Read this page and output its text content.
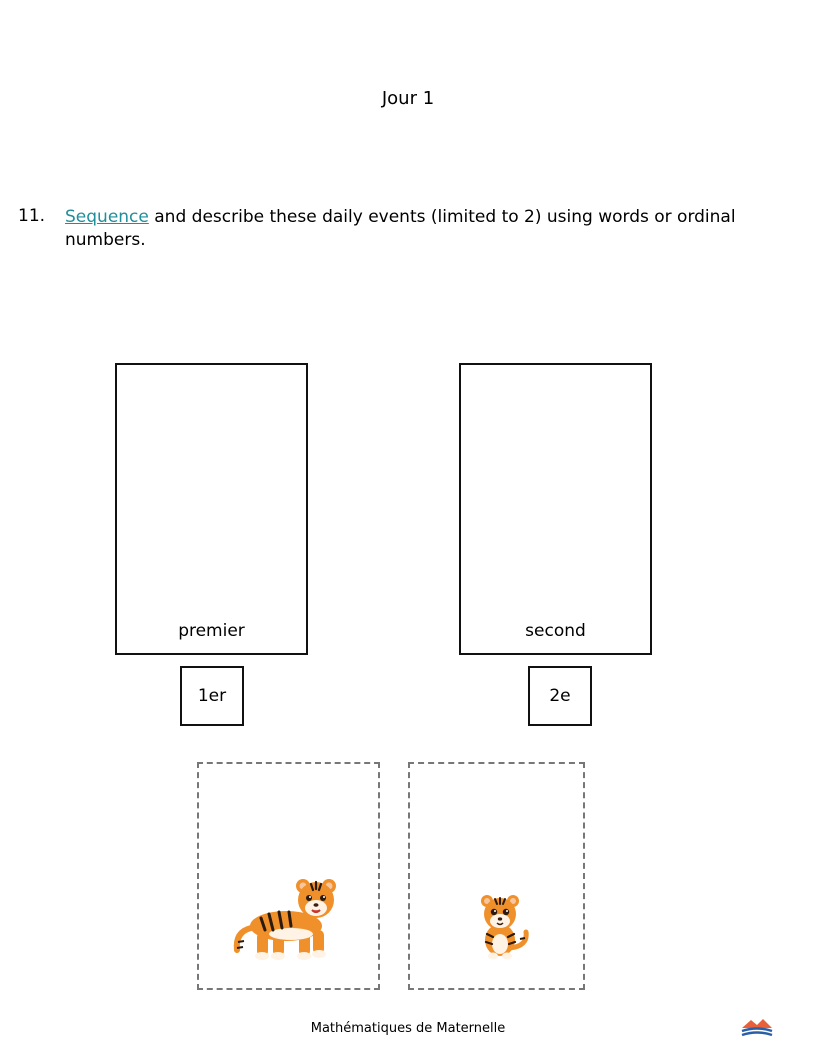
Jour 1
11. Sequence and describe these daily events (limited to 2) using words or ordinal numbers.
premier
1er
second
2e
Mathématiques de Maternelle
